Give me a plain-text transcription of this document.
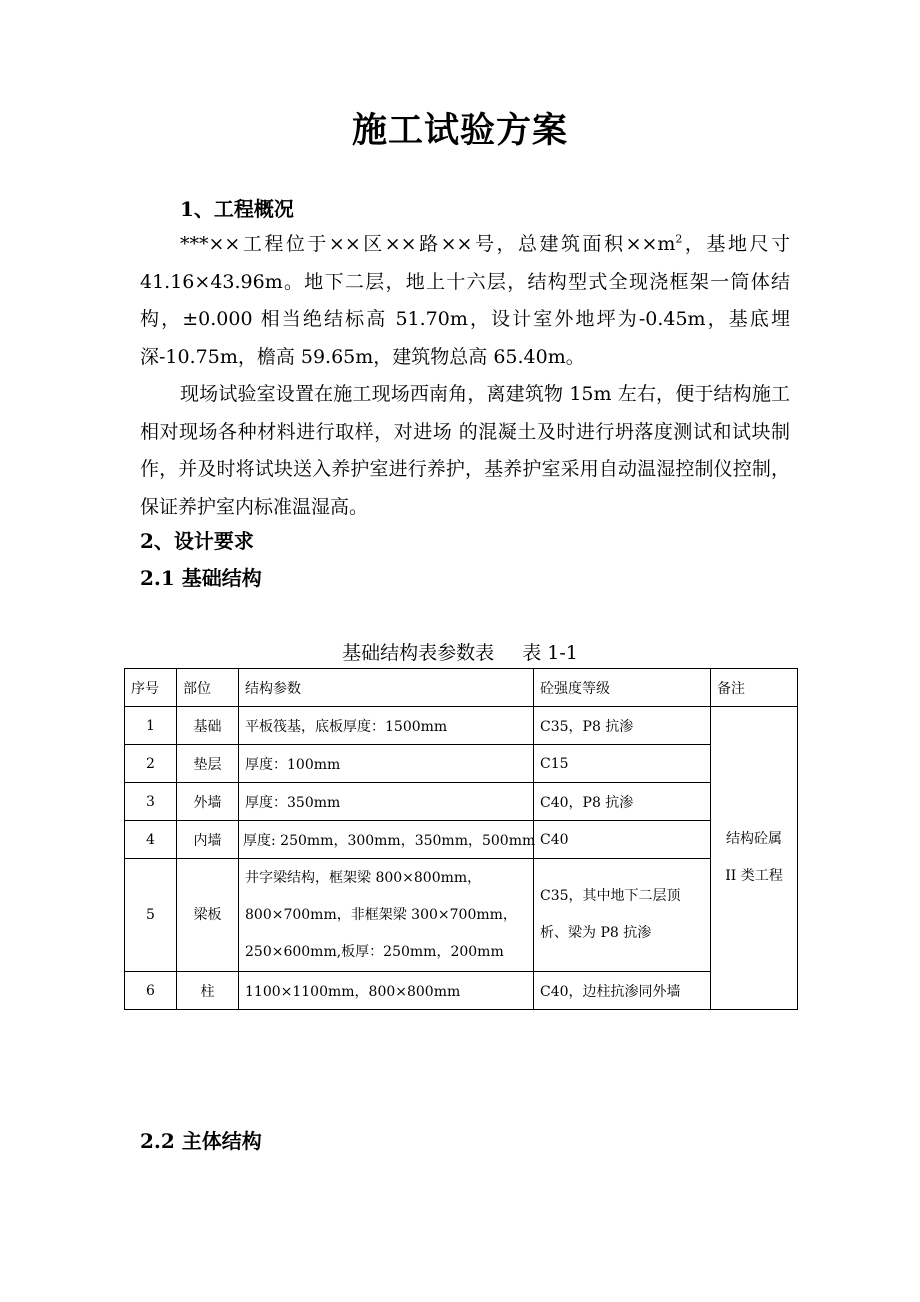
施工试验方案
1、工程概况
***××工程位于××区××路××号，总建筑面积$\times\times m^2$，基地尺寸 41.16×43.96m。地下二层，地上十六层，结构型式全现浇框架一筒体结构，±0.000 相当绝结标高 51.70m，设计室外地坪为-0.45m，基底埋深-10.75m，檐高 59.65m，建筑物总高 65.40m。
现场试验室设置在施工现场西南角，离建筑物 15m 左右，便于结构施工相对现场各种材料进行取样，对进场 的混凝土及时进行坍落度测试和试块制作，并及时将试块送入养护室进行养护，基养护室采用自动温湿控制仪控制，保证养护室内标准温湿高。
2、设计要求
2.1 基础结构
基础结构表参数表 表 1-1
序号	部位	结构参数	砼强度等级	备注
1	基础	平板筏基，底板厚度：1500mm	C35，P8 抗渗	结构砼属
II 类工程
2	垫层	厚度：100mm	C15	
3	外墙	厚度：350mm	C40，P8 抗渗	
4	内墙	厚度: 250mm，300mm，350mm，500mm	C40	
5	梁板	井字梁结构，框架梁 800×800mm，800×700mm，非框架梁 300×700mm，250×600mm,板厚：250mm，200mm	C35，其中地下二层顶析、梁为 P8 抗渗	
6	柱	1100×1100mm，800×800mm	C40，边柱抗渗同外墙	
2.2 主体结构
